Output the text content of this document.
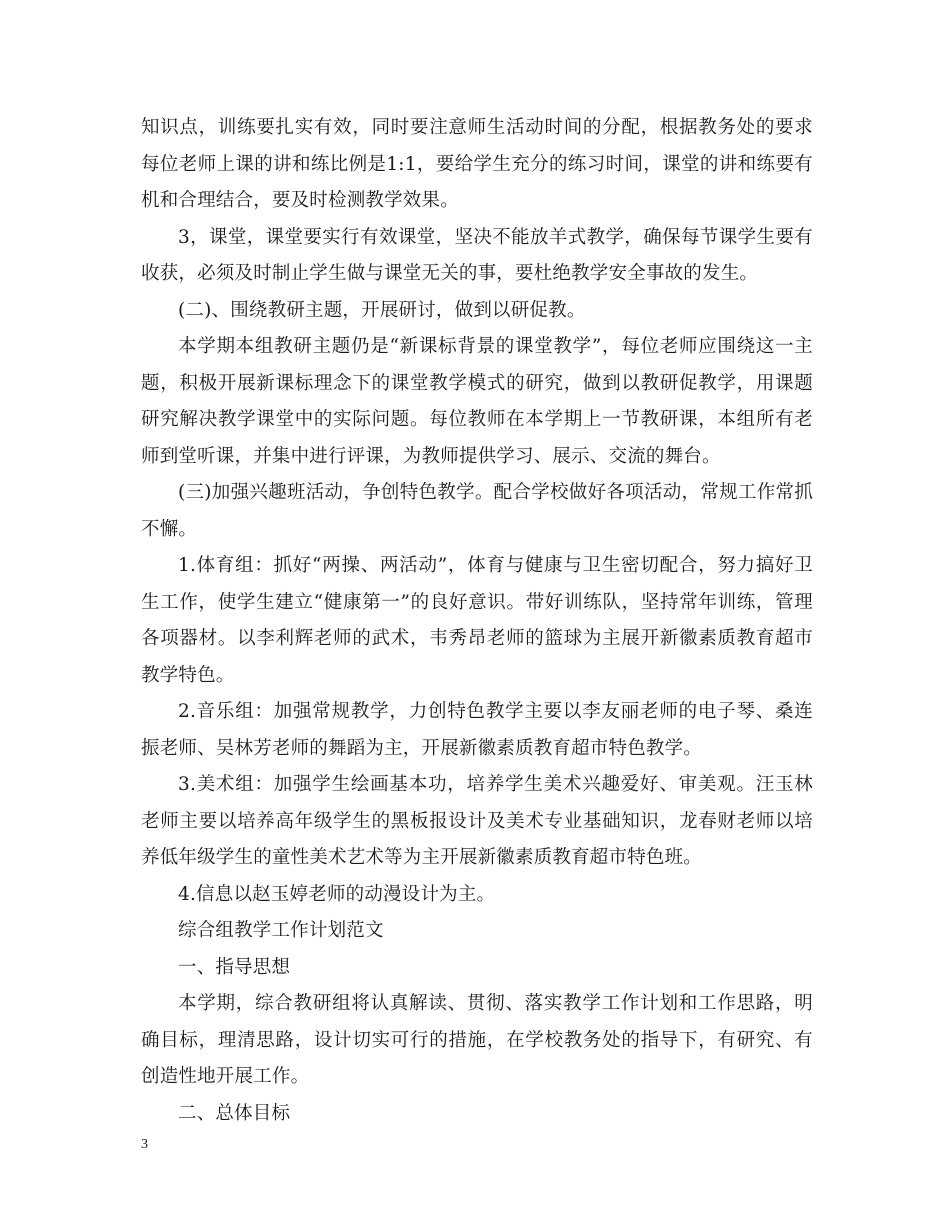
知识点，训练要扎实有效，同时要注意师生活动时间的分配，根据教务处的要求每位老师上课的讲和练比例是1:1，要给学生充分的练习时间，课堂的讲和练要有机和合理结合，要及时检测教学效果。

3，课堂，课堂要实行有效课堂，坚决不能放羊式教学，确保每节课学生要有收获，必须及时制止学生做与课堂无关的事，要杜绝教学安全事故的发生。

(二)、围绕教研主题，开展研讨，做到以研促教。

本学期本组教研主题仍是“新课标背景的课堂教学”，每位老师应围绕这一主题，积极开展新课标理念下的课堂教学模式的研究，做到以教研促教学，用课题研究解决教学课堂中的实际问题。每位教师在本学期上一节教研课，本组所有老师到堂听课，并集中进行评课，为教师提供学习、展示、交流的舞台。

(三)加强兴趣班活动，争创特色教学。配合学校做好各项活动，常规工作常抓不懈。

1.体育组：抓好“两操、两活动”，体育与健康与卫生密切配合，努力搞好卫生工作，使学生建立“健康第一”的良好意识。带好训练队，坚持常年训练，管理各项器材。以李利辉老师的武术，韦秀昂老师的篮球为主展开新徽素质教育超市教学特色。

2.音乐组：加强常规教学，力创特色教学主要以李友丽老师的电子琴、桑连振老师、吴林芳老师的舞蹈为主，开展新徽素质教育超市特色教学。

3.美术组：加强学生绘画基本功，培养学生美术兴趣爱好、审美观。汪玉林老师主要以培养高年级学生的黑板报设计及美术专业基础知识，龙春财老师以培养低年级学生的童性美术艺术等为主开展新徽素质教育超市特色班。

4.信息以赵玉婷老师的动漫设计为主。

综合组教学工作计划范文

一、指导思想

本学期，综合教研组将认真解读、贯彻、落实教学工作计划和工作思路，明确目标，理清思路，设计切实可行的措施，在学校教务处的指导下，有研究、有创造性地开展工作。

二、总体目标

3
